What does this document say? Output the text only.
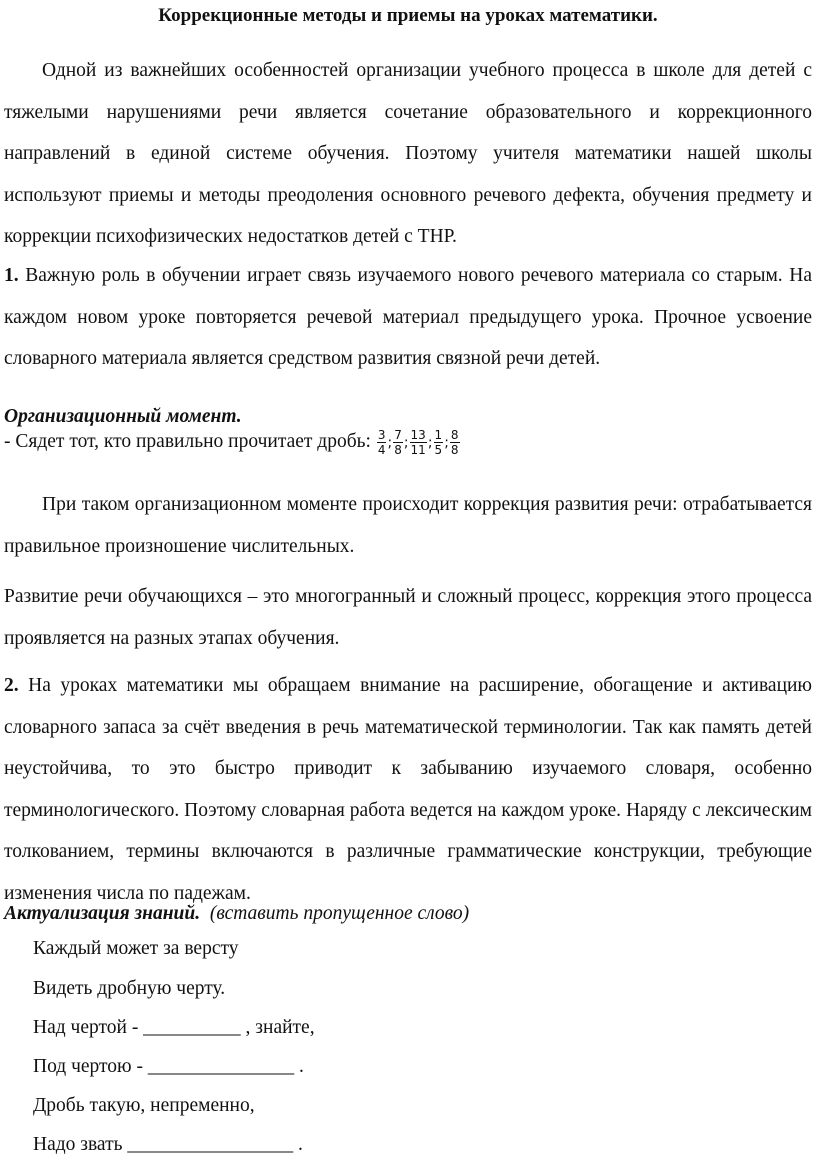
Коррекционные методы и приемы на уроках математики.

Одной из важнейших особенностей организации учебного процесса в школе для детей с тяжелыми нарушениями речи является сочетание образовательного и коррекционного направлений в единой системе обучения. Поэтому учителя математики нашей школы используют приемы и методы преодоления основного речевого дефекта, обучения предмету и коррекции психофизических недостатков детей с ТНР.

1. Важную роль в обучении играет связь изучаемого нового речевого материала со старым. На каждом новом уроке повторяется речевой материал предыдущего урока. Прочное усвоение словарного материала является средством развития связной речи детей.

Организационный момент.
- Сядет тот, кто правильно прочитает дробь: $\frac{3}{4}$ ; $\frac{7}{8}$ ; $\frac{13}{11}$ ; $\frac{1}{5}$ ; $\frac{8}{8}$

При таком организационном моменте происходит коррекция развития речи: отрабатывается правильное произношение числительных.

Развитие речи обучающихся – это многогранный и сложный процесс, коррекция этого процесса проявляется на разных этапах обучения.

2. На уроках математики мы обращаем внимание на расширение, обогащение и активацию словарного запаса за счёт введения в речь математической терминологии. Так как память детей неустойчива, то это быстро приводит к забыванию изучаемого словаря, особенно терминологического. Поэтому словарная работа ведется на каждом уроке. Наряду с лексическим толкованием, термины включаются в различные грамматические конструкции, требующие изменения числа по падежам.

Актуализация знаний. (вставить пропущенное слово)
Каждый может за версту
Видеть дробную черту.
Над чертой - __________ , знайте,
Под чертою - _______________ .
Дробь такую, непременно,
Надо звать _________________ .
